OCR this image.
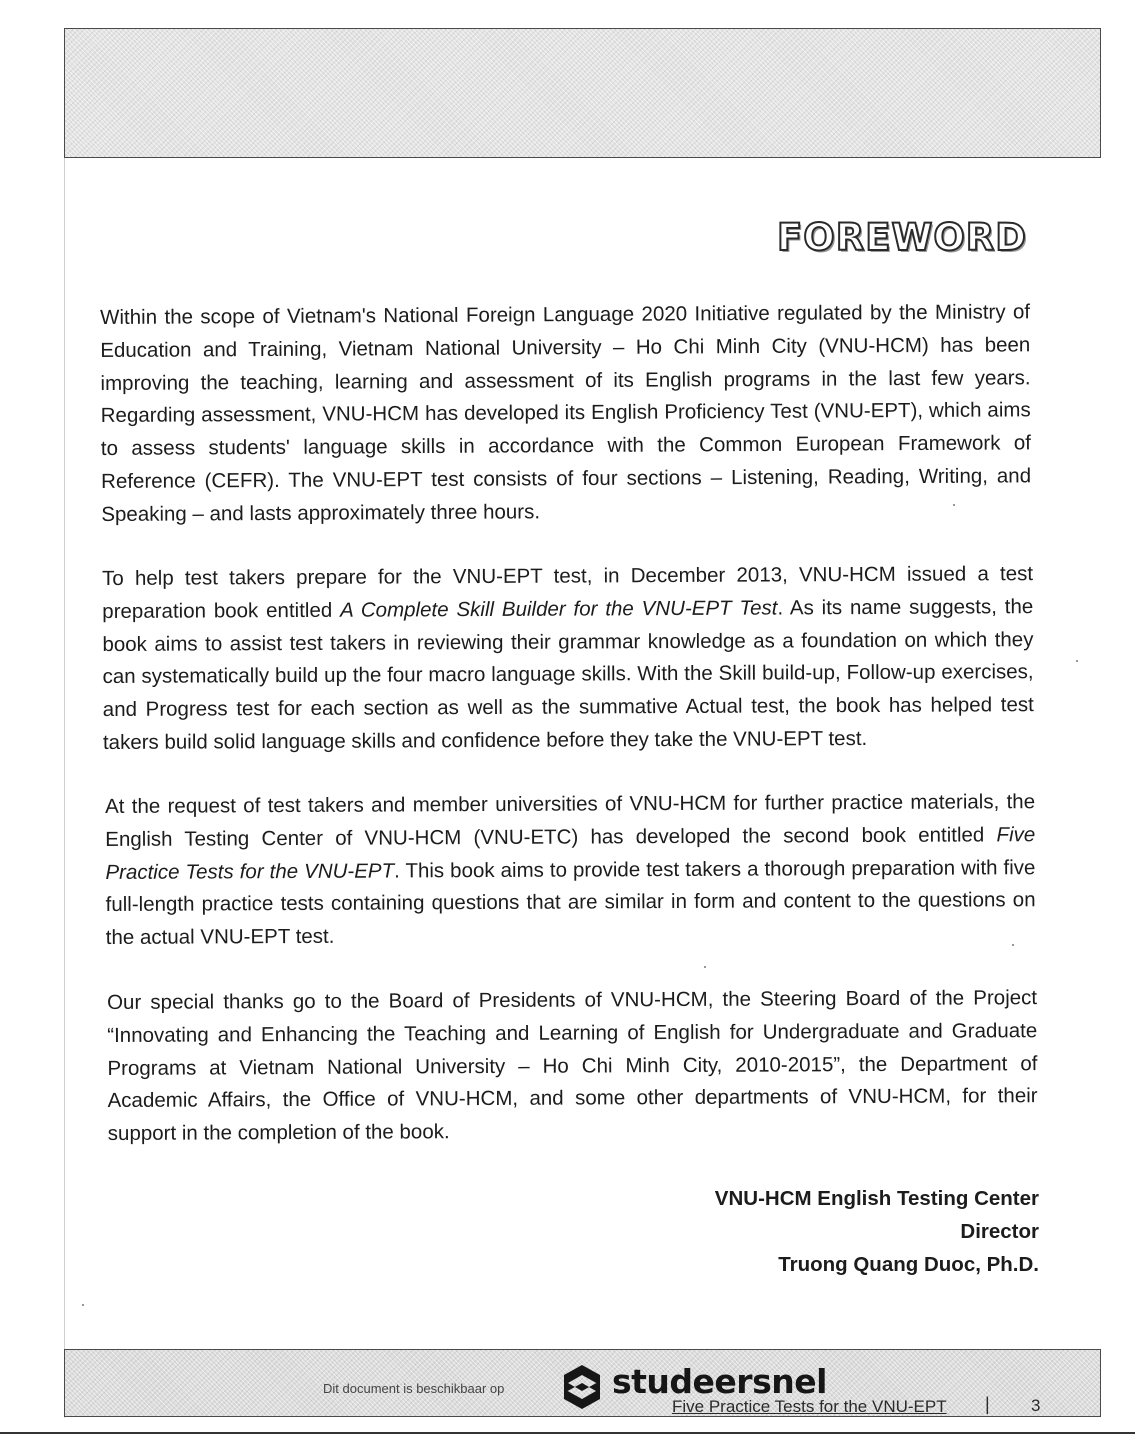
FOREWORD

Within the scope of Vietnam's National Foreign Language 2020 Initiative regulated by the Ministry of Education and Training, Vietnam National University – Ho Chi Minh City (VNU-HCM) has been improving the teaching, learning and assessment of its English programs in the last few years. Regarding assessment, VNU-HCM has developed its English Proficiency Test (VNU-EPT), which aims to assess students' language skills in accordance with the Common European Framework of Reference (CEFR). The VNU-EPT test consists of four sections – Listening, Reading, Writing, and Speaking – and lasts approximately three hours.

To help test takers prepare for the VNU-EPT test, in December 2013, VNU-HCM issued a test preparation book entitled A Complete Skill Builder for the VNU-EPT Test. As its name suggests, the book aims to assist test takers in reviewing their grammar knowledge as a foundation on which they can systematically build up the four macro language skills. With the Skill build-up, Follow-up exercises, and Progress test for each section as well as the summative Actual test, the book has helped test takers build solid language skills and confidence before they take the VNU-EPT test.

At the request of test takers and member universities of VNU-HCM for further practice materials, the English Testing Center of VNU-HCM (VNU-ETC) has developed the second book entitled Five Practice Tests for the VNU-EPT. This book aims to provide test takers a thorough preparation with five full-length practice tests containing questions that are similar in form and content to the questions on the actual VNU-EPT test.

Our special thanks go to the Board of Presidents of VNU-HCM, the Steering Board of the Project “Innovating and Enhancing the Teaching and Learning of English for Undergraduate and Graduate Programs at Vietnam National University – Ho Chi Minh City, 2010-2015”, the Department of Academic Affairs, the Office of VNU-HCM, and some other departments of VNU-HCM, for their support in the completion of the book.

VNU-HCM English Testing Center
Director
Truong Quang Duoc, Ph.D.
Dit document is beschikbaar op	studeersnel
Five Practice Tests for the VNU-EPT | 3
